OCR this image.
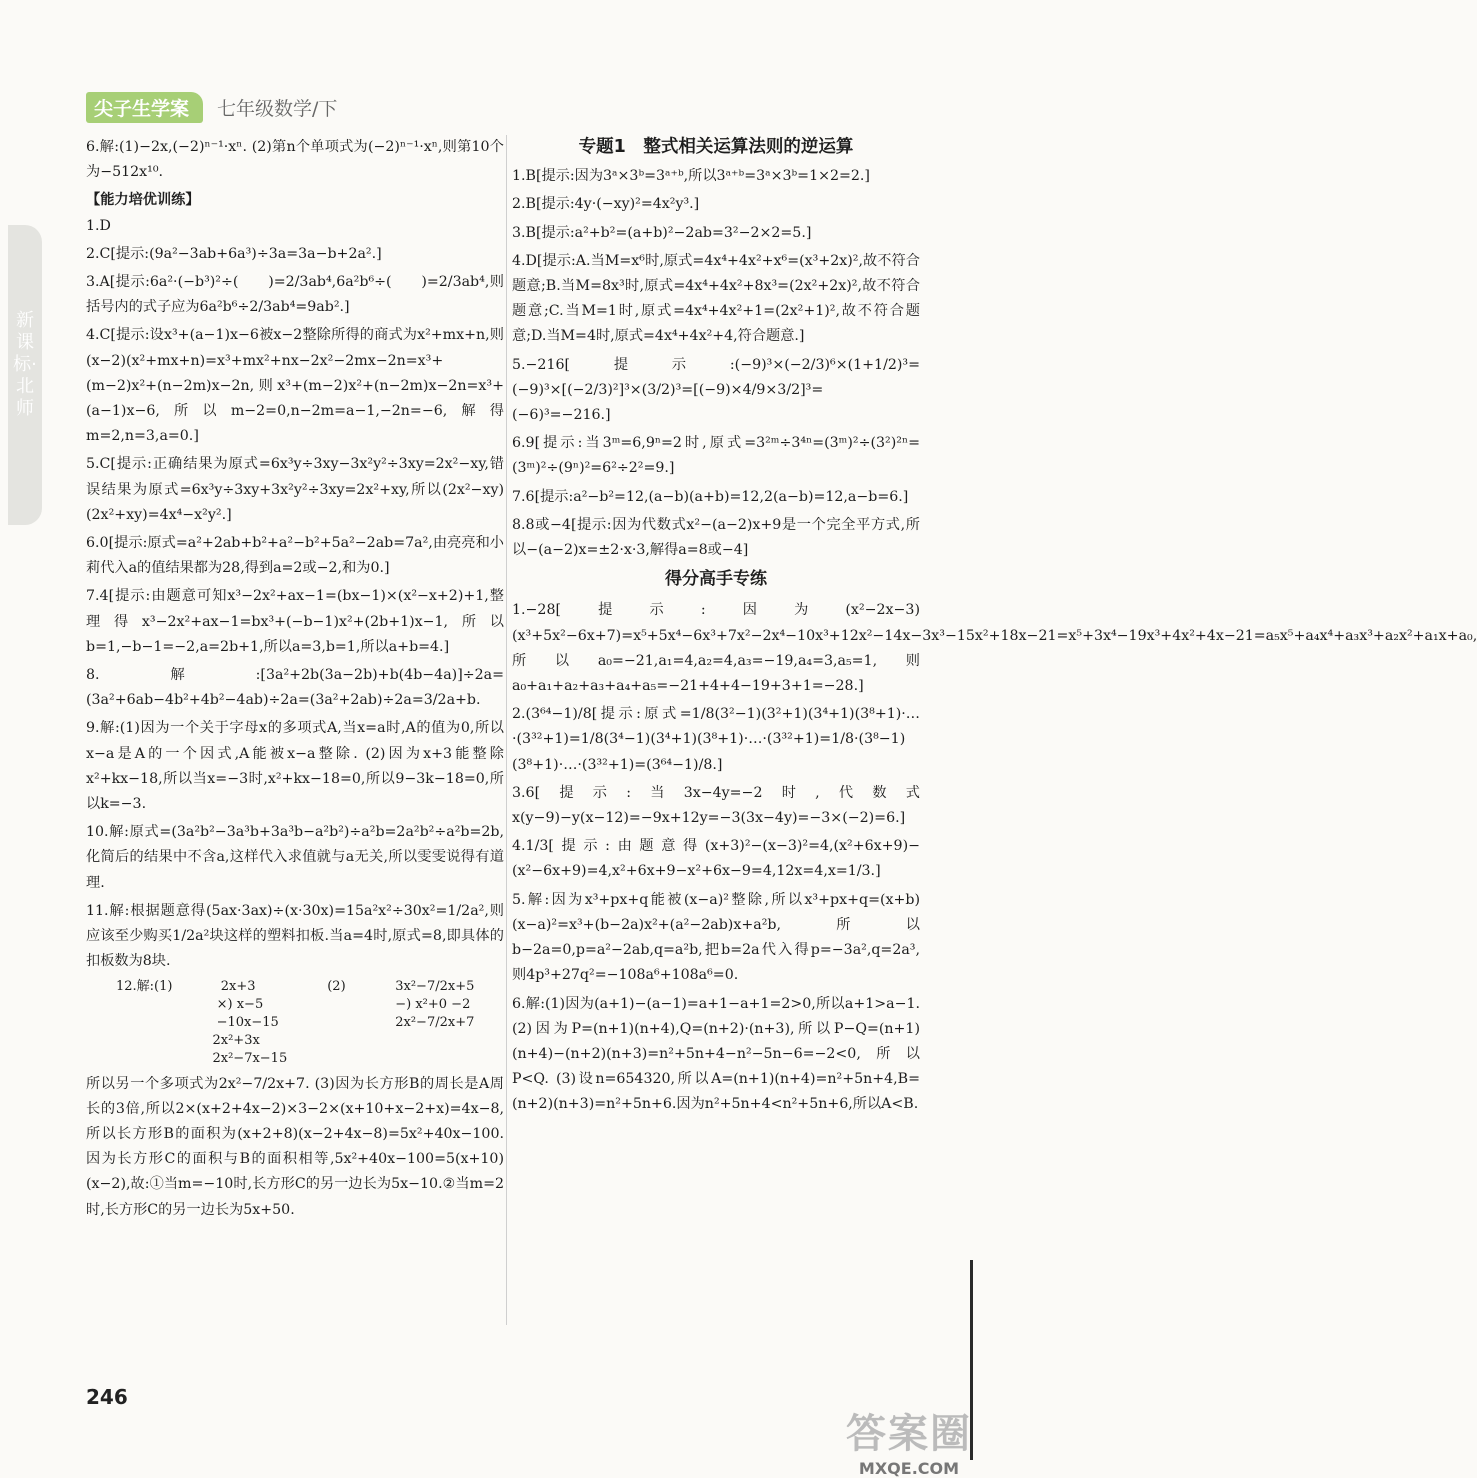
尖子生学案	七年级数学/下
新课标·北师

6.解:(1)−2x,(−2)ⁿ⁻¹·xⁿ. (2)第n个单项式为(−2)ⁿ⁻¹·xⁿ,则第10个为−512x¹⁰.

【能力培优训练】

1.D

2.C[提示:(9a²−3ab+6a³)÷3a=3a−b+2a².]

3.A[提示:6a²·(−b³)²÷(　　)=2/3ab⁴,6a²b⁶÷(　　)=2/3ab⁴,则括号内的式子应为6a²b⁶÷2/3ab⁴=9ab².]

4.C[提示:设x³+(a−1)x−6被x−2整除所得的商式为x²+mx+n,则(x−2)(x²+mx+n)=x³+mx²+nx−2x²−2mx−2n=x³+(m−2)x²+(n−2m)x−2n,则x³+(m−2)x²+(n−2m)x−2n=x³+(a−1)x−6,所以m−2=0,n−2m=a−1,−2n=−6,解得m=2,n=3,a=0.]

5.C[提示:正确结果为原式=6x³y÷3xy−3x²y²÷3xy=2x²−xy,错误结果为原式=6x³y÷3xy+3x²y²÷3xy=2x²+xy,所以(2x²−xy)(2x²+xy)=4x⁴−x²y².]

6.0[提示:原式=a²+2ab+b²+a²−b²+5a²−2ab=7a²,由亮亮和小莉代入a的值结果都为28,得到a=2或−2,和为0.]

7.4[提示:由题意可知x³−2x²+ax−1=(bx−1)×(x²−x+2)+1,整理得x³−2x²+ax−1=bx³+(−b−1)x²+(2b+1)x−1,所以b=1,−b−1=−2,a=2b+1,所以a=3,b=1,所以a+b=4.]

8.解:[3a²+2b(3a−2b)+b(4b−4a)]÷2a=(3a²+6ab−4b²+4b²−4ab)÷2a=(3a²+2ab)÷2a=3/2a+b.

9.解:(1)因为一个关于字母x的多项式A,当x=a时,A的值为0,所以x−a是A的一个因式,A能被x−a整除. (2)因为x+3能整除x²+kx−18,所以当x=−3时,x²+kx−18=0,所以9−3k−18=0,所以k=−3.

10.解:原式=(3a²b²−3a³b+3a³b−a²b²)÷a²b=2a²b²÷a²b=2b,化简后的结果中不含a,这样代入求值就与a无关,所以雯雯说得有道理.

11.解:根据题意得(5ax·3ax)÷(x·30x)=15a²x²÷30x²=1/2a²,则应该至少购买1/2a²块这样的塑料扣板.当a=4时,原式=8,即具体的扣板数为8块.

12.解:(1)	2x+3
×) x−5
−10x−15
2x²+3x
2x²−7x−15
(2)	3x²−7/2x+5
−) x²+0 −2
2x²−7/2x+7

所以另一个多项式为2x²−7/2x+7. (3)因为长方形B的周长是A周长的3倍,所以2×(x+2+4x−2)×3−2×(x+10+x−2+x)=4x−8,所以长方形B的面积为(x+2+8)(x−2+4x−8)=5x²+40x−100.因为长方形C的面积与B的面积相等,5x²+40x−100=5(x+10)(x−2),故:①当m=−10时,长方形C的另一边长为5x−10.②当m=2时,长方形C的另一边长为5x+50.

专题1　整式相关运算法则的逆运算

1.B[提示:因为3ᵃ×3ᵇ=3ᵃ⁺ᵇ,所以3ᵃ⁺ᵇ=3ᵃ×3ᵇ=1×2=2.]

2.B[提示:4y·(−xy)²=4x²y³.]

3.B[提示:a²+b²=(a+b)²−2ab=3²−2×2=5.]

4.D[提示:A.当M=x⁶时,原式=4x⁴+4x²+x⁶=(x³+2x)²,故不符合题意;B.当M=8x³时,原式=4x⁴+4x²+8x³=(2x²+2x)²,故不符合题意;C.当M=1时,原式=4x⁴+4x²+1=(2x²+1)²,故不符合题意;D.当M=4时,原式=4x⁴+4x²+4,符合题意.]

5.−216[提示:(−9)³×(−2/3)⁶×(1+1/2)³=(−9)³×[(−2/3)²]³×(3/2)³=[(−9)×4/9×3/2]³=(−6)³=−216.]

6.9[提示:当3ᵐ=6,9ⁿ=2时,原式=3²ᵐ÷3⁴ⁿ=(3ᵐ)²÷(3²)²ⁿ=(3ᵐ)²÷(9ⁿ)²=6²÷2²=9.]

7.6[提示:a²−b²=12,(a−b)(a+b)=12,2(a−b)=12,a−b=6.]

8.8或−4[提示:因为代数式x²−(a−2)x+9是一个完全平方式,所以−(a−2)x=±2·x·3,解得a=8或−4]

得分高手专练

1.−28[提示:因为(x²−2x−3)(x³+5x²−6x+7)=x⁵+5x⁴−6x³+7x²−2x⁴−10x³+12x²−14x−3x³−15x²+18x−21=x⁵+3x⁴−19x³+4x²+4x−21=a₅x⁵+a₄x⁴+a₃x³+a₂x²+a₁x+a₀,所以a₀=−21,a₁=4,a₂=4,a₃=−19,a₄=3,a₅=1,则a₀+a₁+a₂+a₃+a₄+a₅=−21+4+4−19+3+1=−28.]

2.(3⁶⁴−1)/8[提示:原式=1/8(3²−1)(3²+1)(3⁴+1)(3⁸+1)·…·(3³²+1)=1/8(3⁴−1)(3⁴+1)(3⁸+1)·…·(3³²+1)=1/8·(3⁸−1)(3⁸+1)·…·(3³²+1)=(3⁶⁴−1)/8.]

3.6[提示:当3x−4y=−2时,代数式x(y−9)−y(x−12)=−9x+12y=−3(3x−4y)=−3×(−2)=6.]

4.1/3[提示:由题意得(x+3)²−(x−3)²=4,(x²+6x+9)−(x²−6x+9)=4,x²+6x+9−x²+6x−9=4,12x=4,x=1/3.]

5.解:因为x³+px+q能被(x−a)²整除,所以x³+px+q=(x+b)(x−a)²=x³+(b−2a)x²+(a²−2ab)x+a²b,所以b−2a=0,p=a²−2ab,q=a²b,把b=2a代入得p=−3a²,q=2a³,则4p³+27q²=−108a⁶+108a⁶=0.

6.解:(1)因为(a+1)−(a−1)=a+1−a+1=2>0,所以a+1>a−1. (2)因为P=(n+1)(n+4),Q=(n+2)·(n+3),所以P−Q=(n+1)(n+4)−(n+2)(n+3)=n²+5n+4−n²−5n−6=−2<0,所以P<Q. (3)设n=654320,所以A=(n+1)(n+4)=n²+5n+4,B=(n+2)(n+3)=n²+5n+6.因为n²+5n+4<n²+5n+6,所以A<B.

246
答案圈
MXQE.COM
